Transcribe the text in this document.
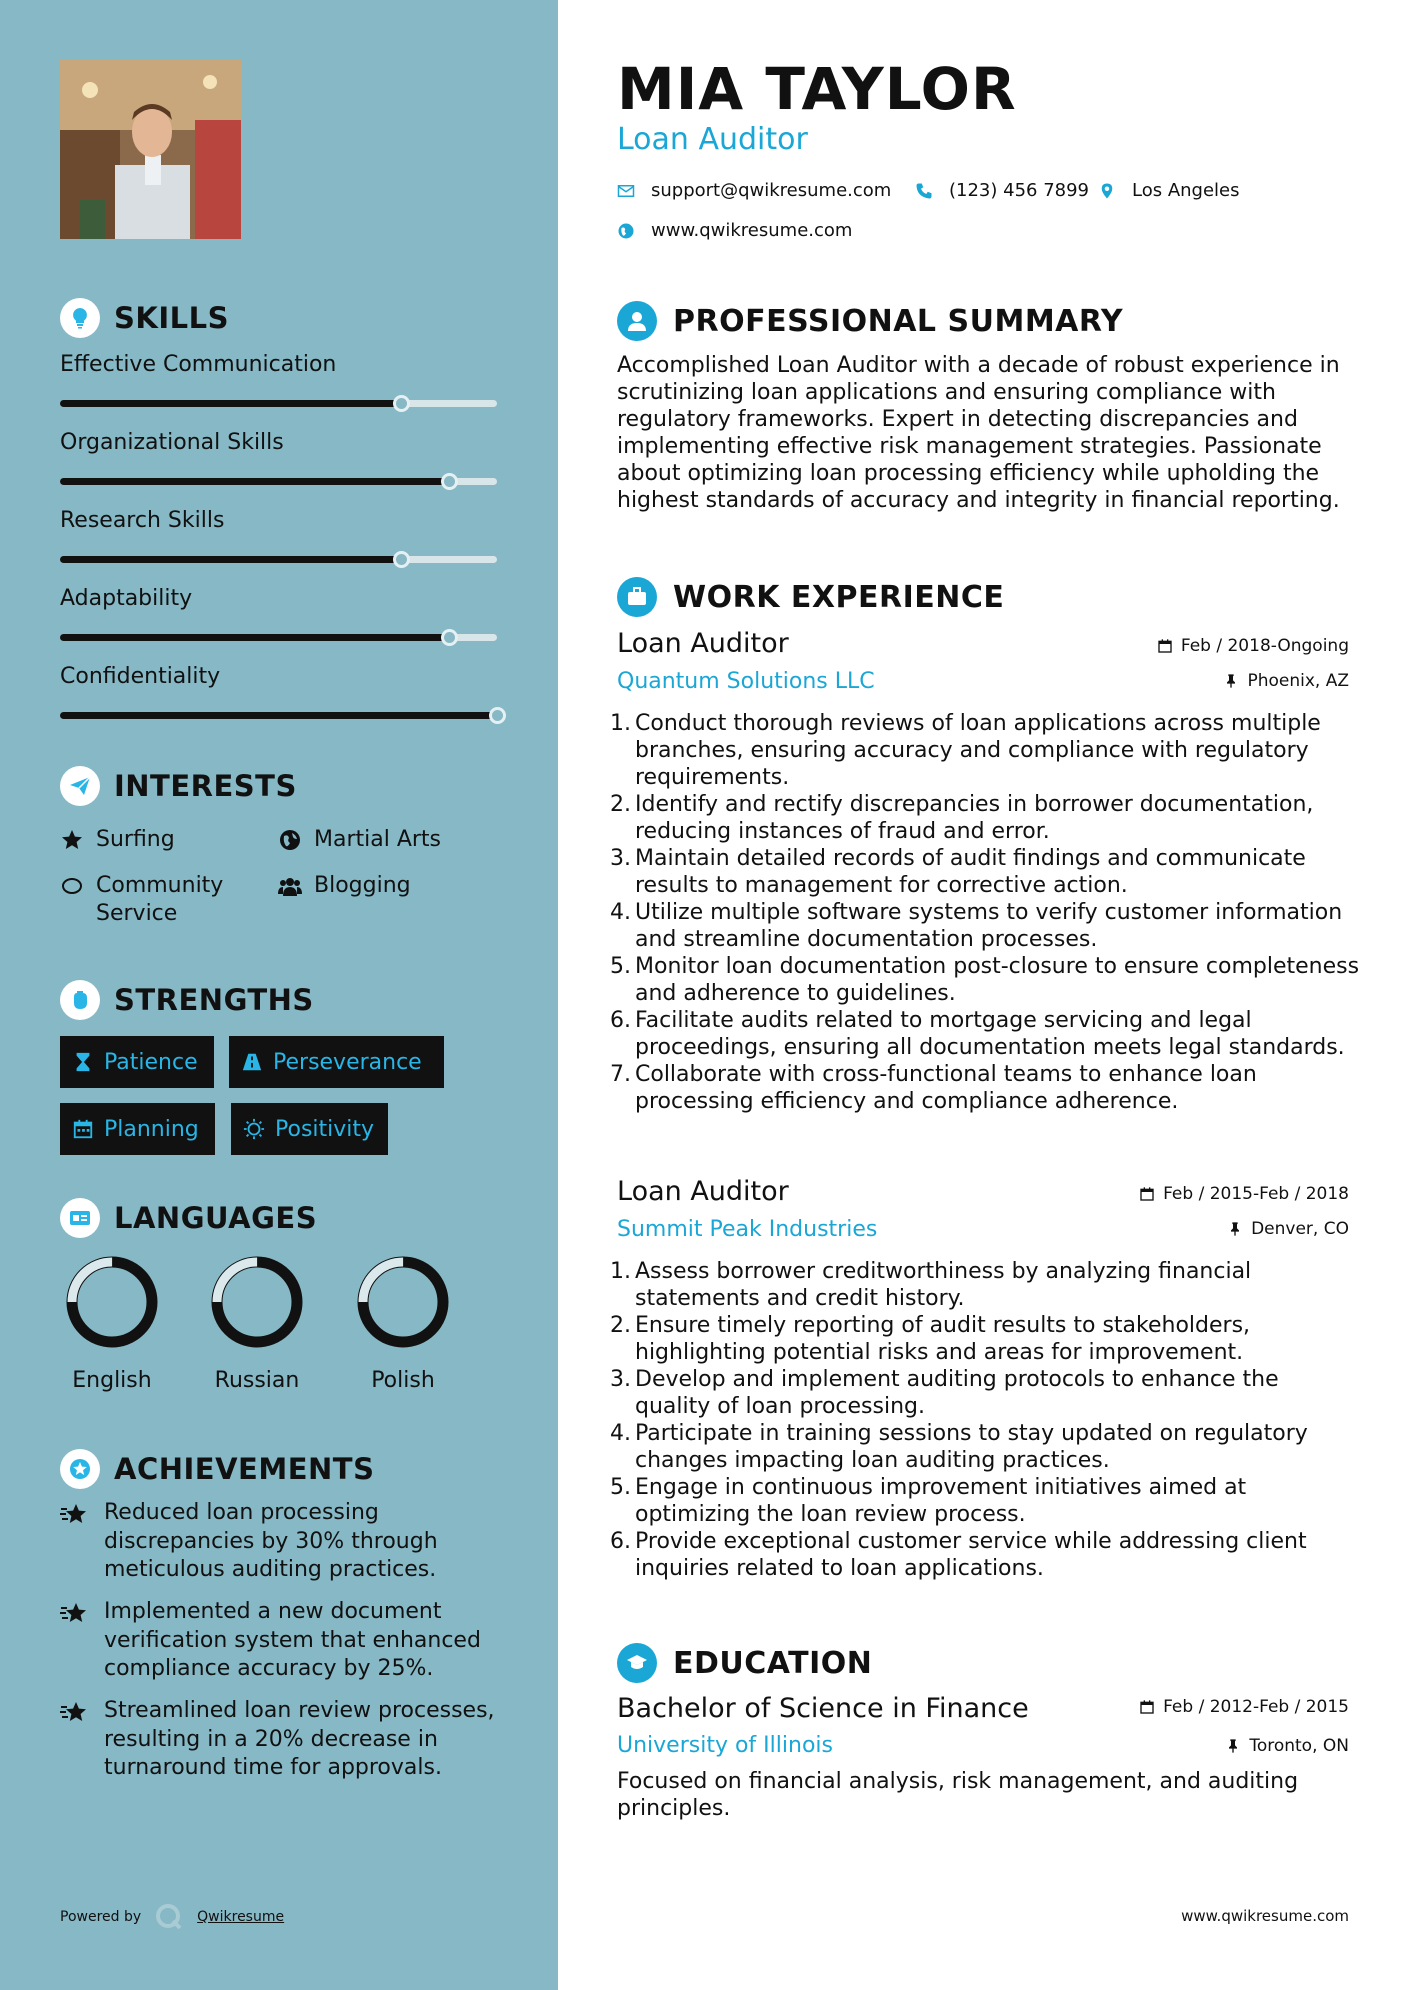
SKILLS
Effective Communication
Organizational Skills
Research Skills
Adaptability
Confidentiality
INTERESTS
Surfing	Martial Arts
Community Service
Blogging
STRENGTHS
Patience	Perseverance
Planning	Positivity
LANGUAGES
English	Russian	Polish
ACHIEVEMENTS
Reduced loan processing discrepancies by 30% through meticulous auditing practices.
Implemented a new document verification system that enhanced compliance accuracy by 25%.
Streamlined loan review processes, resulting in a 20% decrease in turnaround time for approvals.
Powered by	Qwikresume
MIA TAYLOR
Loan Auditor
support@qwikresume.com	(123) 456 7899 Los Angeles
www.qwikresume.com
PROFESSIONAL SUMMARY
Accomplished Loan Auditor with a decade of robust experience in scrutinizing loan applications and ensuring compliance with regulatory frameworks. Expert in detecting discrepancies and implementing effective risk management strategies. Passionate about optimizing loan processing efficiency while upholding the highest standards of accuracy and integrity in financial reporting.
WORK EXPERIENCE
Loan Auditor	Feb / 2018-Ongoing
Quantum Solutions LLC	Phoenix, AZ
1. Conduct thorough reviews of loan applications across multiple branches, ensuring accuracy and compliance with regulatory requirements.
2. Identify and rectify discrepancies in borrower documentation, reducing instances of fraud and error.
3. Maintain detailed records of audit findings and communicate results to management for corrective action.
4. Utilize multiple software systems to verify customer information and streamline documentation processes.
5. Monitor loan documentation post-closure to ensure completeness and adherence to guidelines.
6. Facilitate audits related to mortgage servicing and legal proceedings, ensuring all documentation meets legal standards.
7. Collaborate with cross-functional teams to enhance loan processing efficiency and compliance adherence.
Loan Auditor	Feb / 2015-Feb / 2018
Summit Peak Industries	Denver, CO
1. Assess borrower creditworthiness by analyzing financial statements and credit history.
2. Ensure timely reporting of audit results to stakeholders, highlighting potential risks and areas for improvement.
3. Develop and implement auditing protocols to enhance the quality of loan processing.
4. Participate in training sessions to stay updated on regulatory changes impacting loan auditing practices.
5. Engage in continuous improvement initiatives aimed at optimizing the loan review process.
6. Provide exceptional customer service while addressing client inquiries related to loan applications.
EDUCATION
Bachelor of Science in Finance	Feb / 2012-Feb / 2015
University of Illinois	Toronto, ON
Focused on financial analysis, risk management, and auditing principles.
www.qwikresume.com
